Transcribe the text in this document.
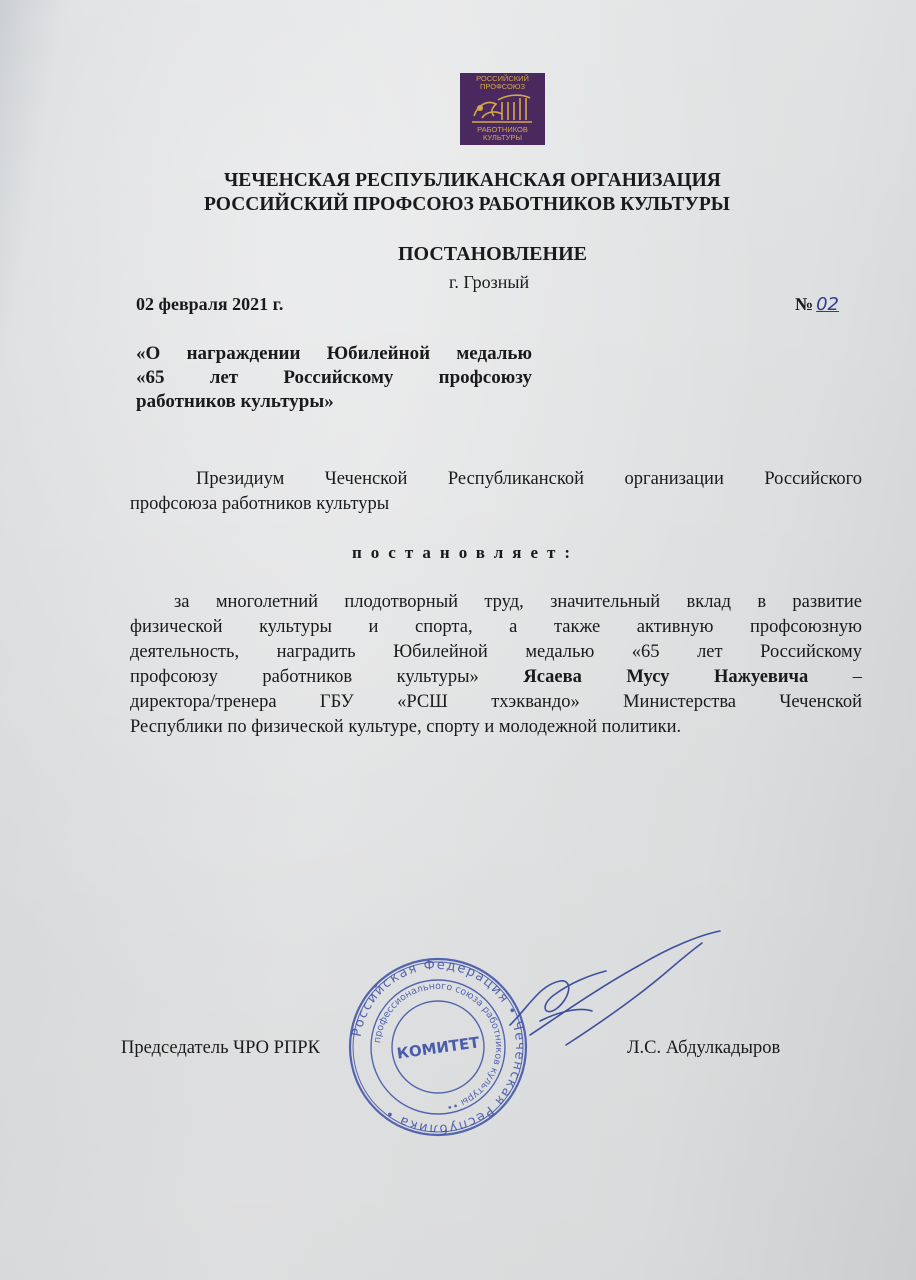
РОССИЙСКИЙ
ПРОФСОЮЗ
РАБОТНИКОВ
КУЛЬТУРЫ
ЧЕЧЕНСКАЯ РЕСПУБЛИКАНСКАЯ ОРГАНИЗАЦИЯ
РОССИЙСКИЙ ПРОФСОЮЗ РАБОТНИКОВ КУЛЬТУРЫ
ПОСТАНОВЛЕНИЕ
г. Грозный
02 февраля 2021 г.	№ 02
«О награждении Юбилейной медалью
«65 лет Российскому профсоюзу
работников культуры»
Президиум Чеченской Республиканской организации Российского
профсоюза работников культуры
постановляет:
за многолетний плодотворный труд, значительный вклад в развитие
физической культуры и спорта, а также активную профсоюзную
деятельность, наградить Юбилейной медалью «65 лет Российскому
профсоюзу работников культуры» Ясаева Мусу Нажуевича –
директора/тренера ГБУ «РСШ тхэквандо» Министерства Чеченской
Республики по физической культуре, спорту и молодежной политики.
Председатель ЧРО РПРК	Л.С. Абдулкадыров
Российская Федерация • Чеченская Республика •
профессионального союза работников культуры ••
КОМИТЕТ
